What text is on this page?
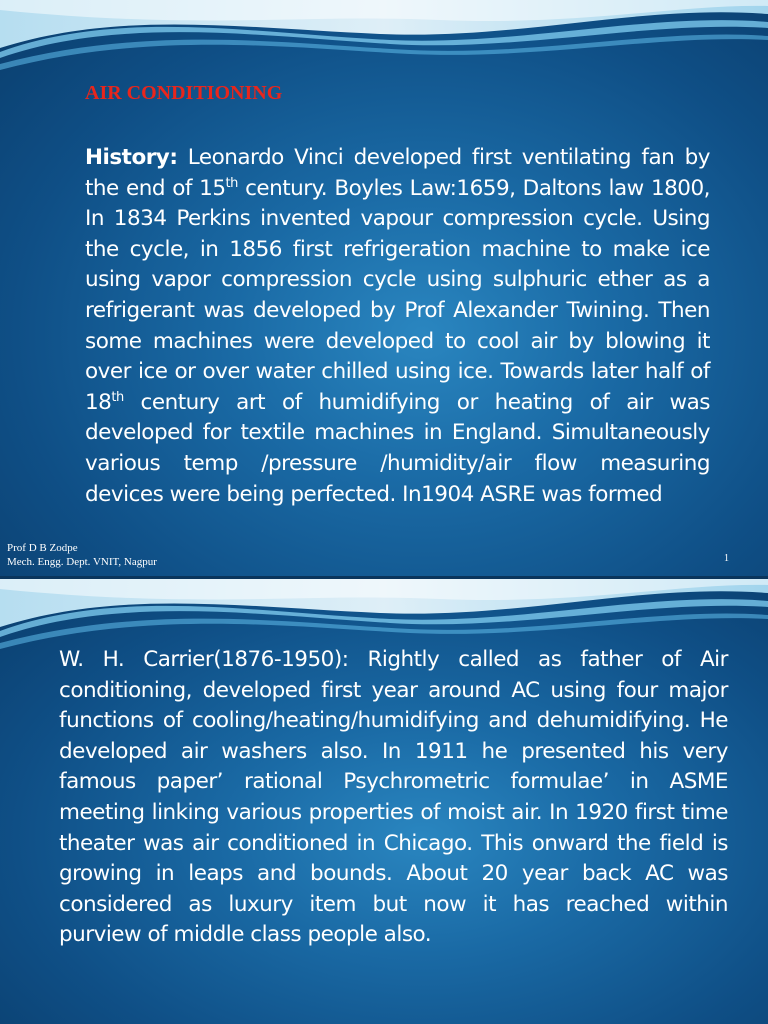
AIR CONDITIONING
History: Leonardo Vinci developed first ventilating fan by
the end of 15th century. Boyles Law:1659, Daltons law 1800,
In 1834 Perkins invented vapour compression cycle. Using
the cycle, in 1856 first refrigeration machine to make ice
using vapor compression cycle using sulphuric ether as a
refrigerant was developed by Prof Alexander Twining. Then
some machines were developed to cool air by blowing it
over ice or over water chilled using ice. Towards later half of
18th century art of humidifying or heating of air was
developed for textile machines in England. Simultaneously
various temp /pressure /humidity/air flow measuring
devices were being perfected. In1904 ASRE was formed
Prof D B Zodpe
Mech. Engg. Dept. VNIT, Nagpur	1
W. H. Carrier(1876-1950): Rightly called as father of Air
conditioning, developed first year around AC using four major
functions of cooling/heating/humidifying and dehumidifying. He
developed air washers also. In 1911 he presented his very
famous paper’ rational Psychrometric formulae’ in ASME
meeting linking various properties of moist air. In 1920 first time
theater was air conditioned in Chicago. This onward the field is
growing in leaps and bounds. About 20 year back AC was
considered as luxury item but now it has reached within
purview of middle class people also.
